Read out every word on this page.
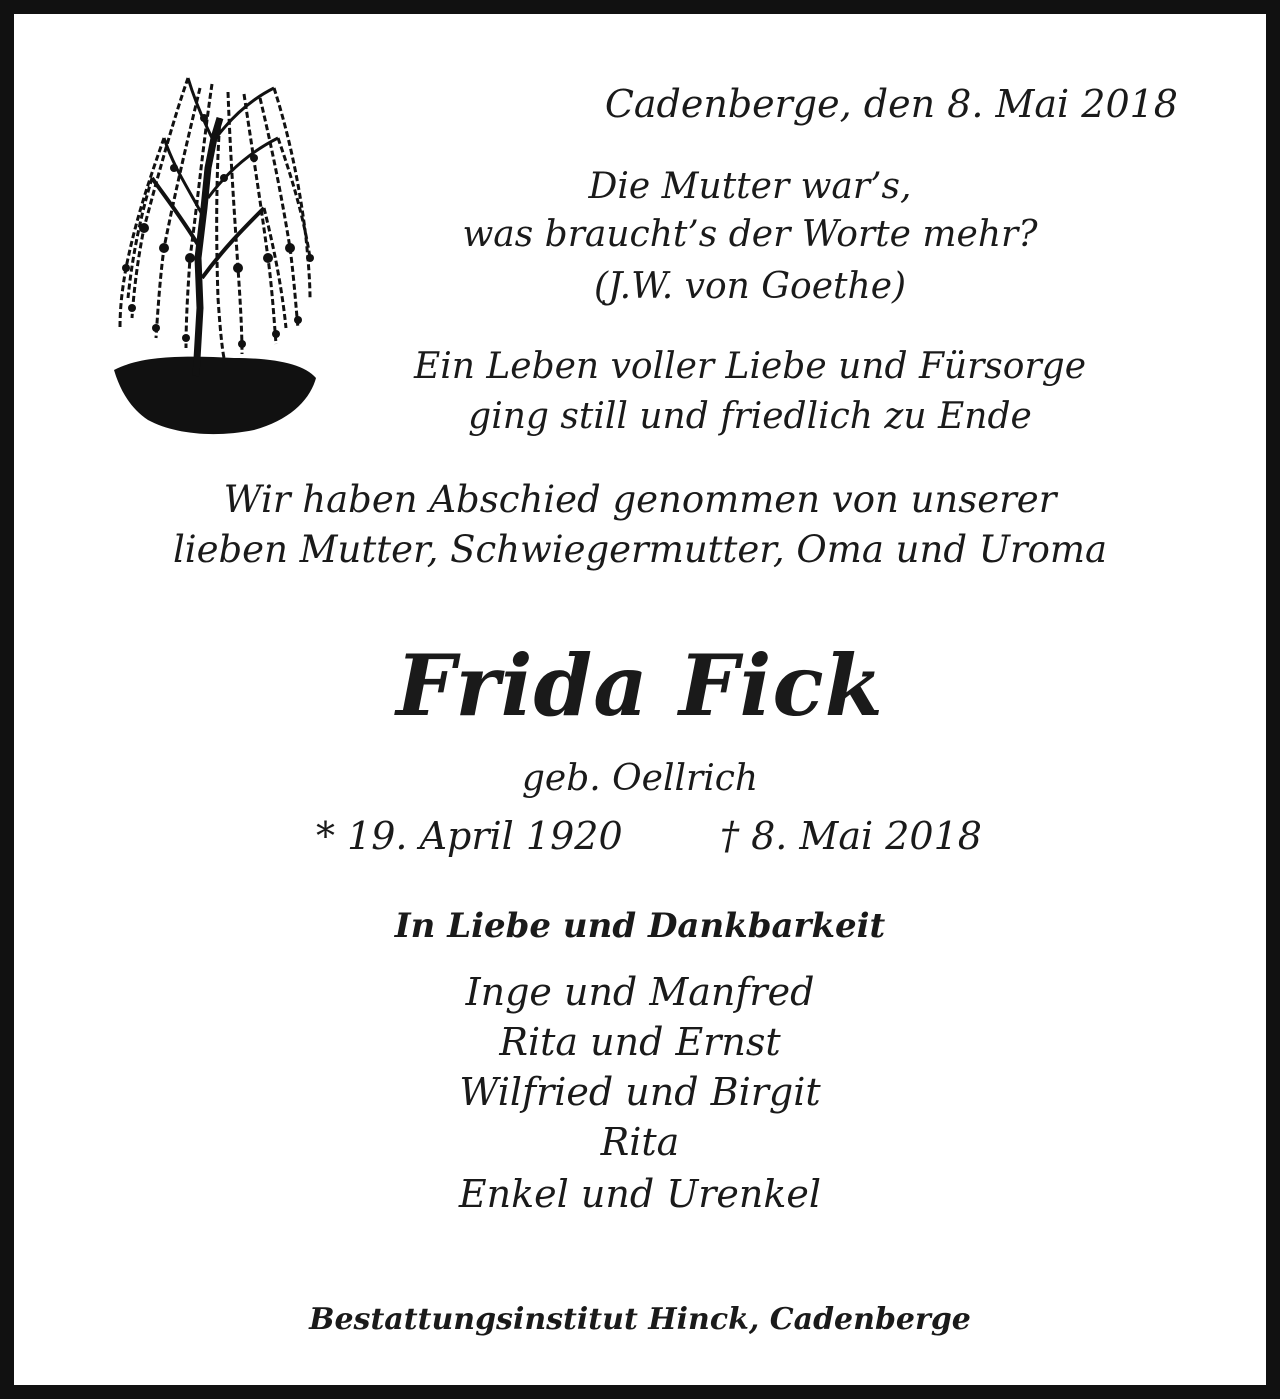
Cadenberge, den 8. Mai 2018

Die Mutter war’s,

was braucht’s der Worte mehr?

(J.W. von Goethe)

Ein Leben voller Liebe und Fürsorge

ging still und friedlich zu Ende

Wir haben Abschied genommen von unserer

lieben Mutter, Schwiegermutter, Oma und Uroma

Frida Fick

geb. Oellrich

* 19. April 1920	† 8. Mai 2018

In Liebe und Dankbarkeit

Inge und Manfred

Rita und Ernst

Wilfried und Birgit

Rita

Enkel und Urenkel

Bestattungsinstitut Hinck, Cadenberge
